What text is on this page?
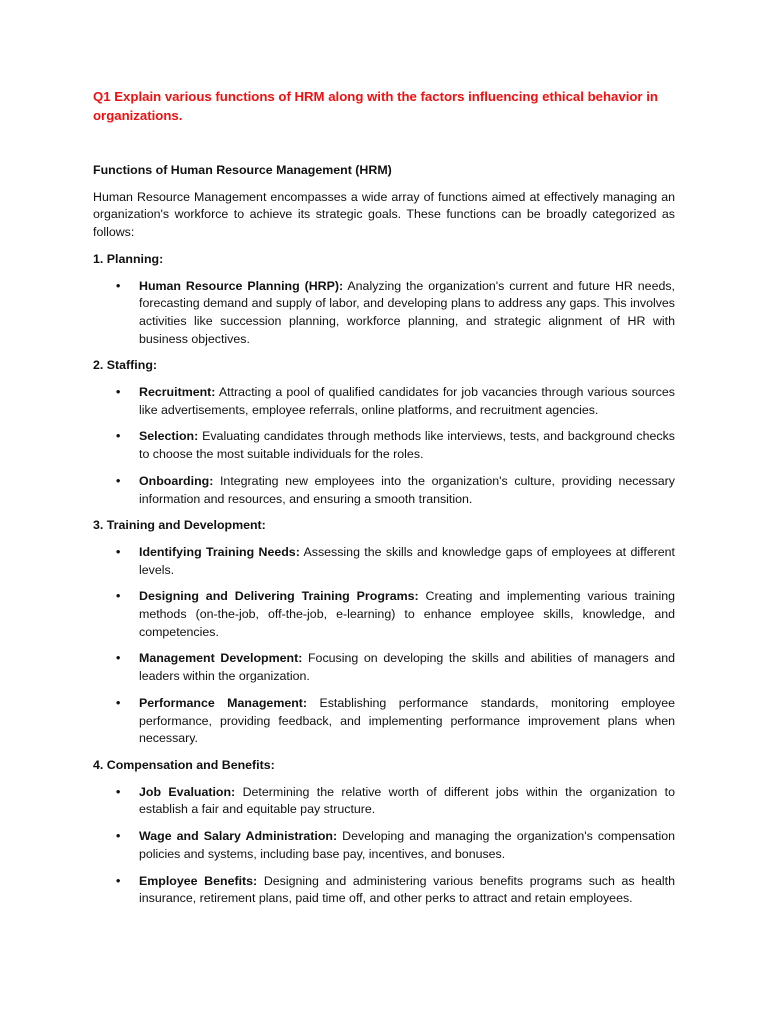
Q1 Explain various functions of HRM along with the factors influencing ethical behavior in organizations.

Functions of Human Resource Management (HRM)

Human Resource Management encompasses a wide array of functions aimed at effectively managing an organization's workforce to achieve its strategic goals. These functions can be broadly categorized as follows:

1. Planning:

• Human Resource Planning (HRP): Analyzing the organization's current and future HR needs, forecasting demand and supply of labor, and developing plans to address any gaps. This involves activities like succession planning, workforce planning, and strategic alignment of HR with business objectives.

2. Staffing:

• Recruitment: Attracting a pool of qualified candidates for job vacancies through various sources like advertisements, employee referrals, online platforms, and recruitment agencies.
• Selection: Evaluating candidates through methods like interviews, tests, and background checks to choose the most suitable individuals for the roles.
• Onboarding: Integrating new employees into the organization's culture, providing necessary information and resources, and ensuring a smooth transition.

3. Training and Development:

• Identifying Training Needs: Assessing the skills and knowledge gaps of employees at different levels.
• Designing and Delivering Training Programs: Creating and implementing various training methods (on-the-job, off-the-job, e-learning) to enhance employee skills, knowledge, and competencies.
• Management Development: Focusing on developing the skills and abilities of managers and leaders within the organization.
• Performance Management: Establishing performance standards, monitoring employee performance, providing feedback, and implementing performance improvement plans when necessary.

4. Compensation and Benefits:

• Job Evaluation: Determining the relative worth of different jobs within the organization to establish a fair and equitable pay structure.
• Wage and Salary Administration: Developing and managing the organization's compensation policies and systems, including base pay, incentives, and bonuses.
• Employee Benefits: Designing and administering various benefits programs such as health insurance, retirement plans, paid time off, and other perks to attract and retain employees.
